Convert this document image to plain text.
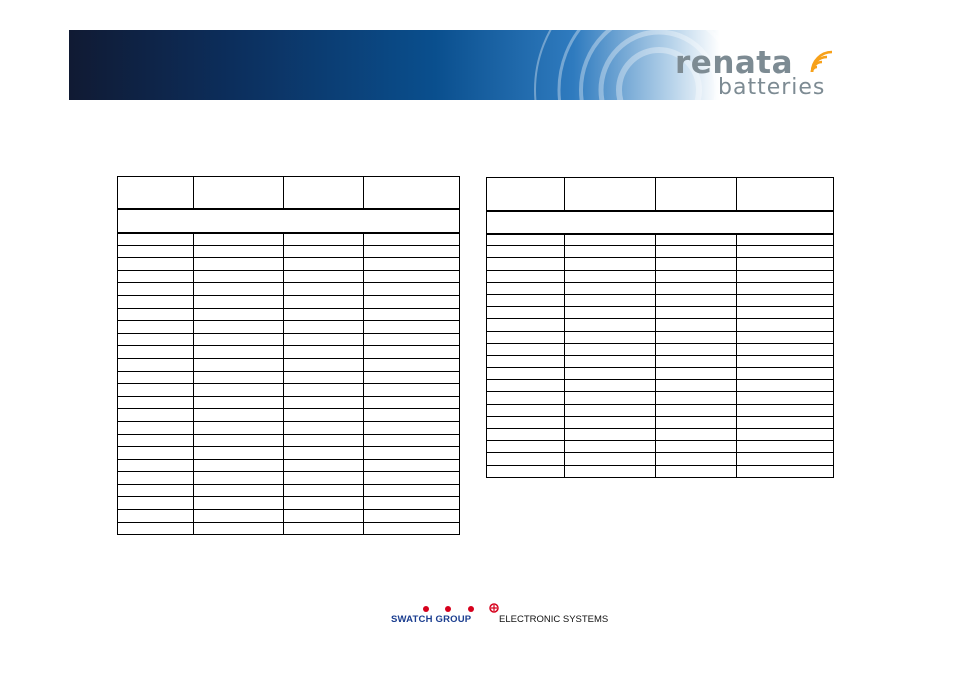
renata
batteries

SWATCH GROUP	ELECTRONIC SYSTEMS
